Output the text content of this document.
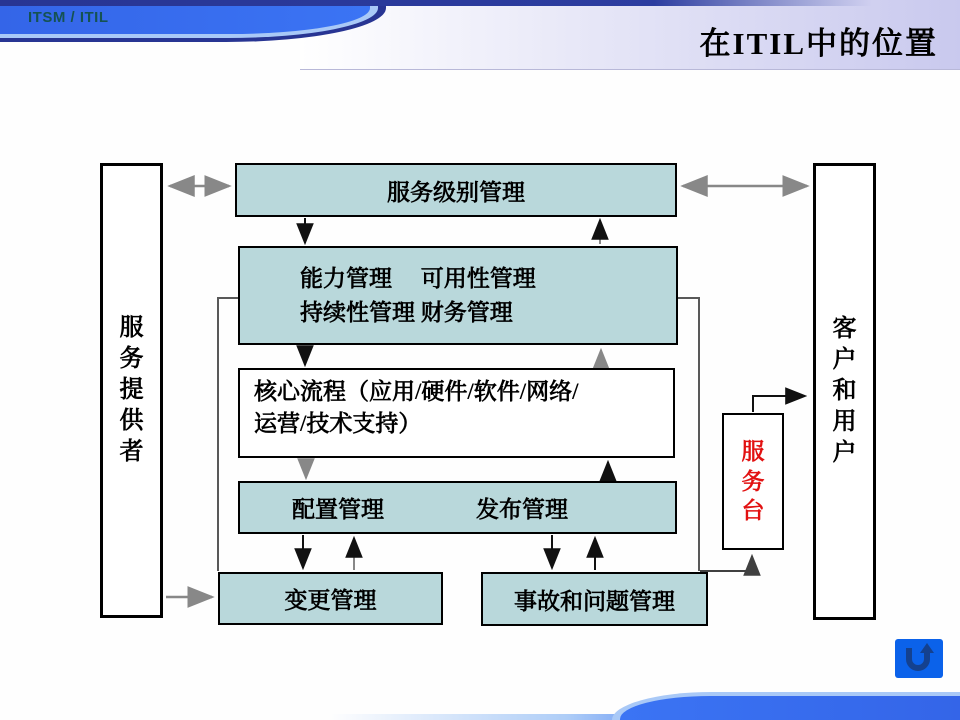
ITSM / ITIL
在ITIL中的位置
服务提供者
客户和用户
服务级别管理
能力管理　 可用性管理
持续性管理 财务管理
核心流程（应用/硬件/软件/网络/
运营/技术支持）
配置管理	发布管理
变更管理	事故和问题管理
服务台
